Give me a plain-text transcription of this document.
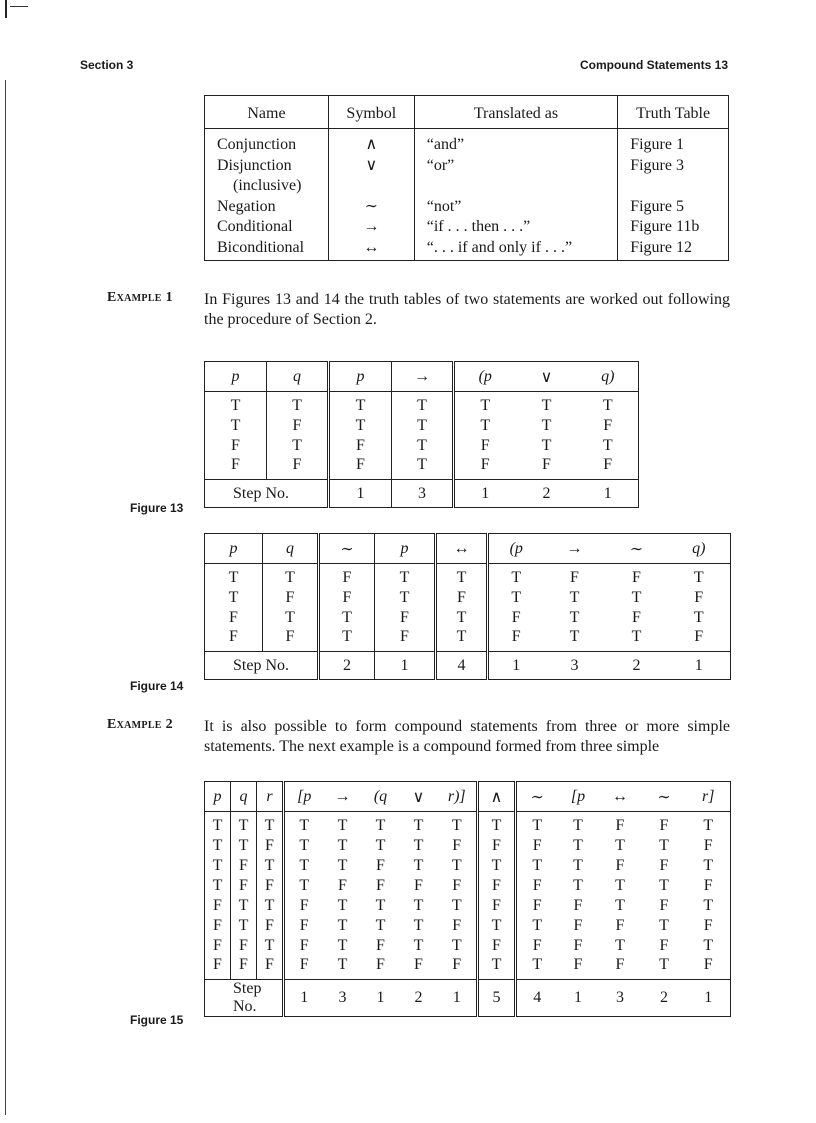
Section 3	Compound Statements 13
Name	Symbol	Translated as	Truth Table
Conjunction	∧	“and”	Figure 1
Disjunction	∨	“or”	Figure 3
(inclusive)			
Negation	∼	“not”	Figure 5
Conditional	→	“if . . . then . . .”	Figure 11b
Biconditional	↔	“. . . if and only if . . .”	Figure 12
Example 1 In Figures 13 and 14 the truth tables of two statements are worked out following the procedure of Section 2.
p	q	p	→	(p	∨	q)
T	T	T	T	T	T	T
T	F	T	T	T	T	F
F	T	F	T	F	T	T
F	F	F	T	F	F	F
Step No.		1	3	1	2	1
Figure 13
p	q	∼	p	↔	(p	→	∼	q)
T	T	F	T	T	T	F	F	T
T	F	F	T	F	T	T	T	F
F	T	T	F	T	F	T	F	T
F	F	T	F	T	F	T	T	F
Step No.		2	1	4	1	3	2	1
Figure 14
Example 2 It is also possible to form compound statements from three or more simple statements. The next example is a compound formed from three simple
p	q	r	[p	→	(q	∨	r)]	∧	∼	[p	↔	∼	r]
T	T	T	T	T	T	T	T	T	T	T	F	F	T
T	T	F	T	T	T	T	F	F	F	T	T	T	F
T	F	T	T	T	F	T	T	T	T	T	F	F	T
T	F	F	T	F	F	F	F	F	F	T	T	T	F
F	T	T	F	T	T	T	T	F	F	F	T	F	T
F	T	F	F	T	T	T	F	T	T	F	F	T	F
F	F	T	F	T	F	T	T	F	F	F	T	F	T
F	F	F	F	T	F	F	F	T	T	F	F	T	F
Step No.			1	3	1	2	1	5	4	1	3	2	1
Figure 15
